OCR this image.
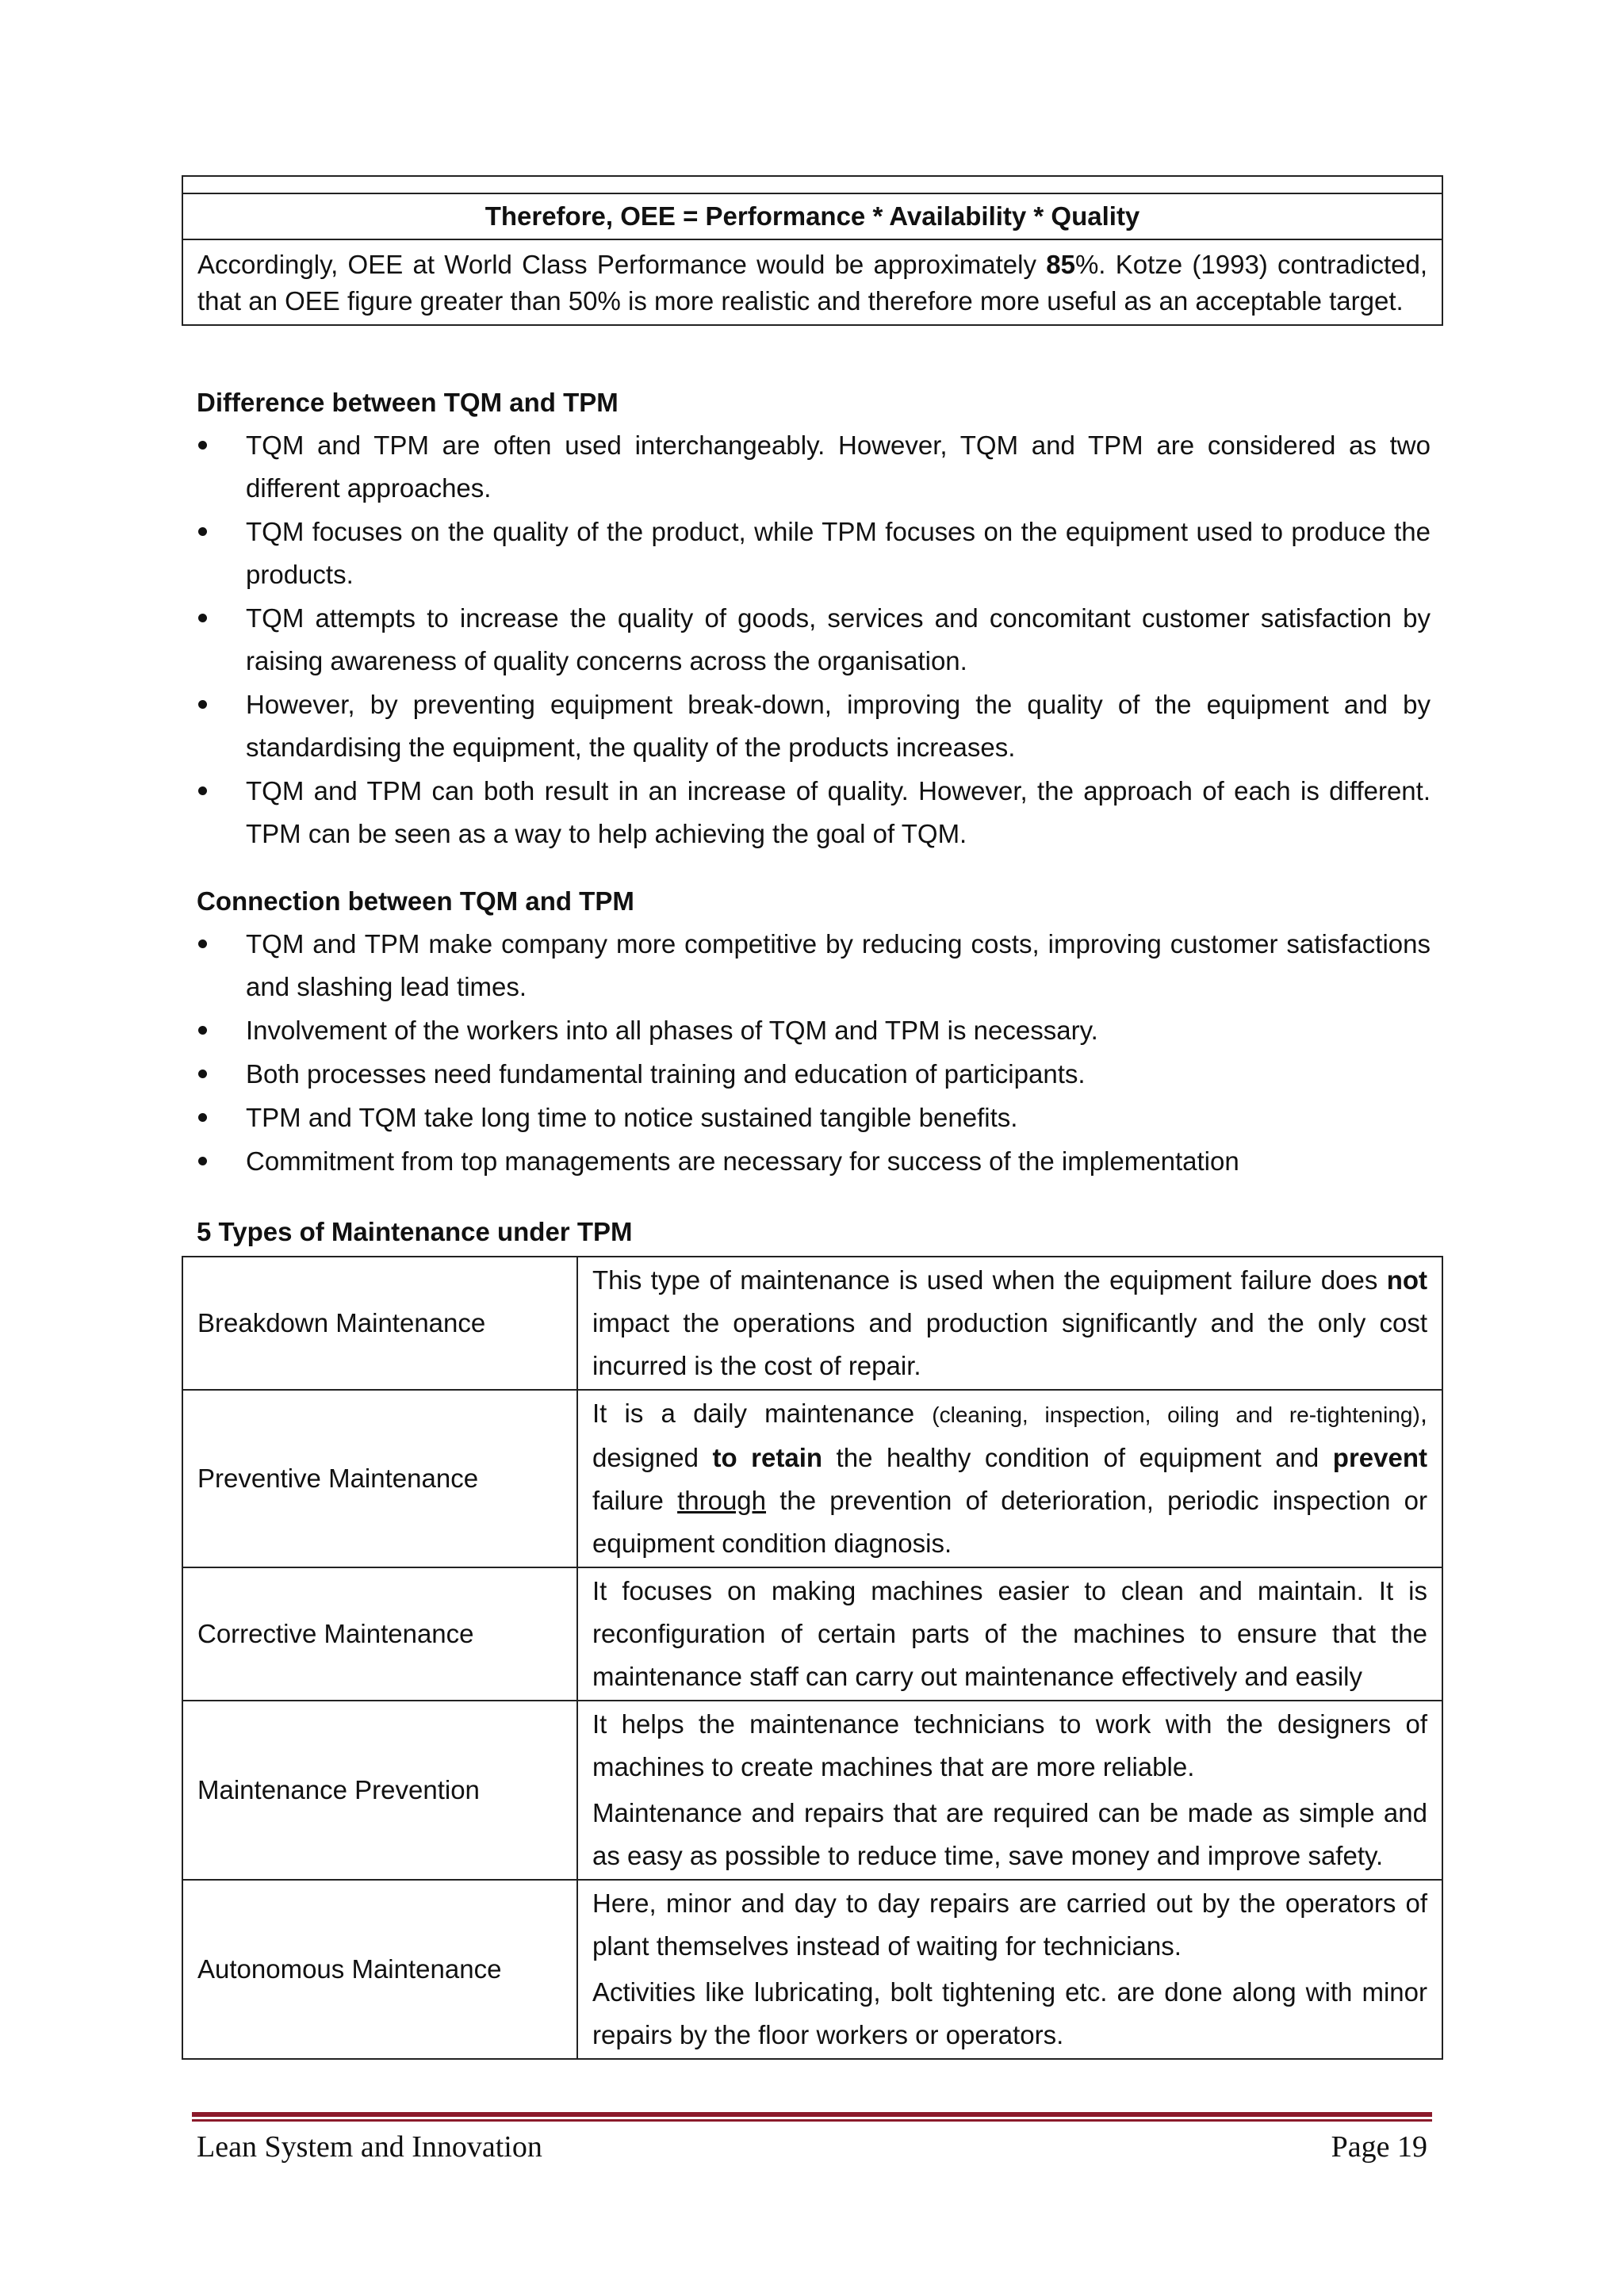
Therefore, OEE = Performance * Availability * Quality
Accordingly, OEE at World Class Performance would be approximately 85%. Kotze (1993) contradicted, that an OEE figure greater than 50% is more realistic and therefore more useful as an acceptable target.
Difference between TQM and TPM
TQM and TPM are often used interchangeably. However, TQM and TPM are considered as two different approaches.
TQM focuses on the quality of the product, while TPM focuses on the equipment used to produce the products.
TQM attempts to increase the quality of goods, services and concomitant customer satisfaction by raising awareness of quality concerns across the organisation.
However, by preventing equipment break-down, improving the quality of the equipment and by standardising the equipment, the quality of the products increases.
TQM and TPM can both result in an increase of quality. However, the approach of each is different. TPM can be seen as a way to help achieving the goal of TQM.
Connection between TQM and TPM
TQM and TPM make company more competitive by reducing costs, improving customer satisfactions and slashing lead times.
Involvement of the workers into all phases of TQM and TPM is necessary.
Both processes need fundamental training and education of participants.
TPM and TQM take long time to notice sustained tangible benefits.
Commitment from top managements are necessary for success of the implementation
5 Types of Maintenance under TPM
Breakdown Maintenance	This type of maintenance is used when the equipment failure does not impact the operations and production significantly and the only cost incurred is the cost of repair.
Preventive Maintenance	It is a daily maintenance (cleaning, inspection, oiling and re-tightening), designed to retain the healthy condition of equipment and prevent failure through the prevention of deterioration, periodic inspection or equipment condition diagnosis.
Corrective Maintenance	It focuses on making machines easier to clean and maintain. It is reconfiguration of certain parts of the machines to ensure that the maintenance staff can carry out maintenance effectively and easily
Maintenance Prevention	It helps the maintenance technicians to work with the designers of machines to create machines that are more reliable.
Maintenance and repairs that are required can be made as simple and as easy as possible to reduce time, save money and improve safety.

Autonomous Maintenance	Here, minor and day to day repairs are carried out by the operators of plant themselves instead of waiting for technicians.
Activities like lubricating, bolt tightening etc. are done along with minor repairs by the floor workers or operators.
Lean System and Innovation	Page 19
